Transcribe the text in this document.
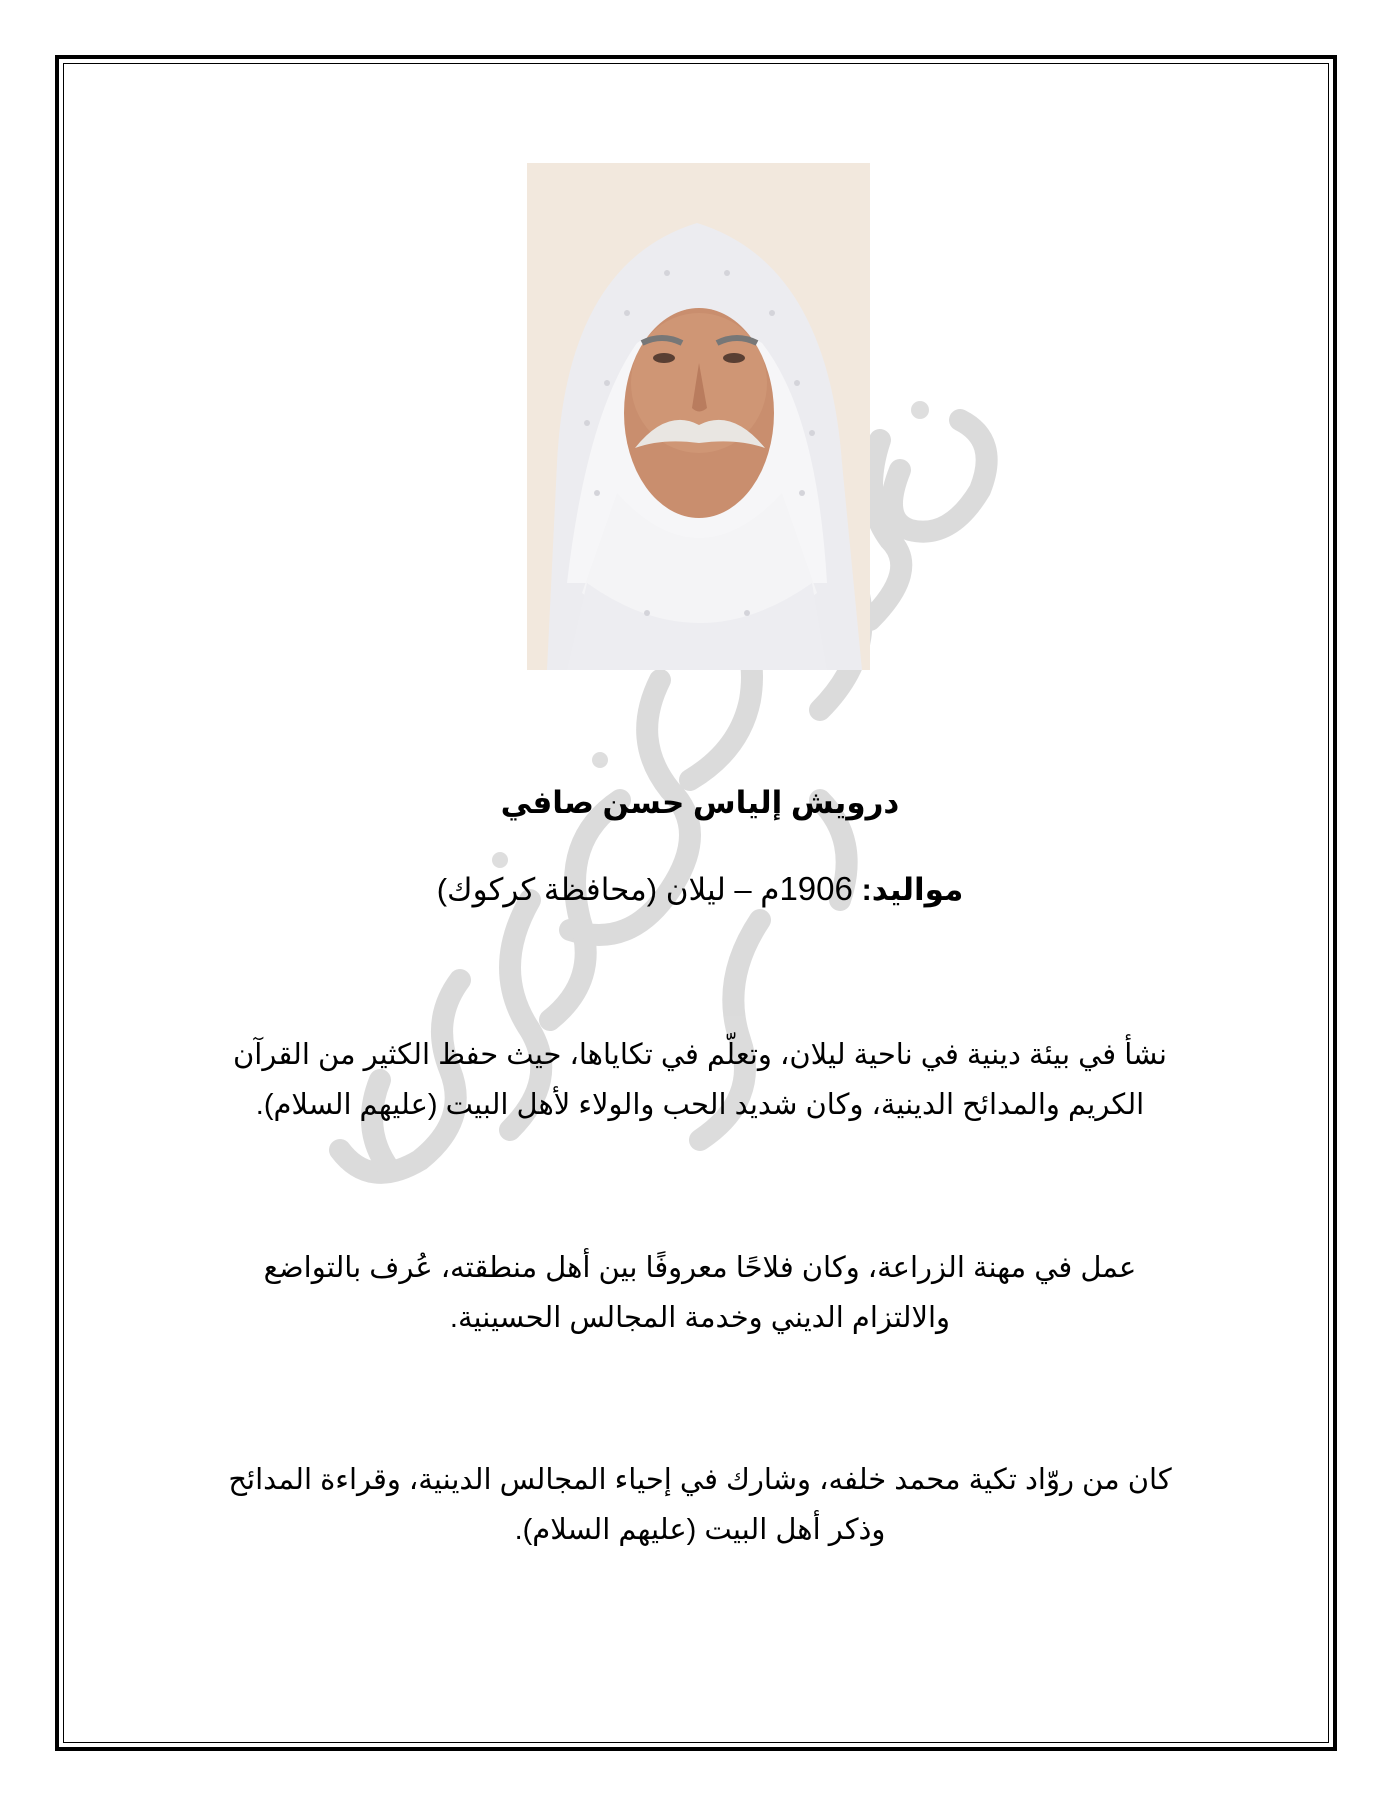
درويش إلياس حسن صافي
مواليد: 1906م – ليلان (محافظة كركوك)
نشأ في بيئة دينية في ناحية ليلان، وتعلّم في تكاياها، حيث حفظ الكثير من القرآن
الكريم والمدائح الدينية، وكان شديد الحب والولاء لأهل البيت (عليهم السلام).
عمل في مهنة الزراعة، وكان فلاحًا معروفًا بين أهل منطقته، عُرف بالتواضع
والالتزام الديني وخدمة المجالس الحسينية.
كان من روّاد تكية محمد خلفه، وشارك في إحياء المجالس الدينية، وقراءة المدائح
وذكر أهل البيت (عليهم السلام).
